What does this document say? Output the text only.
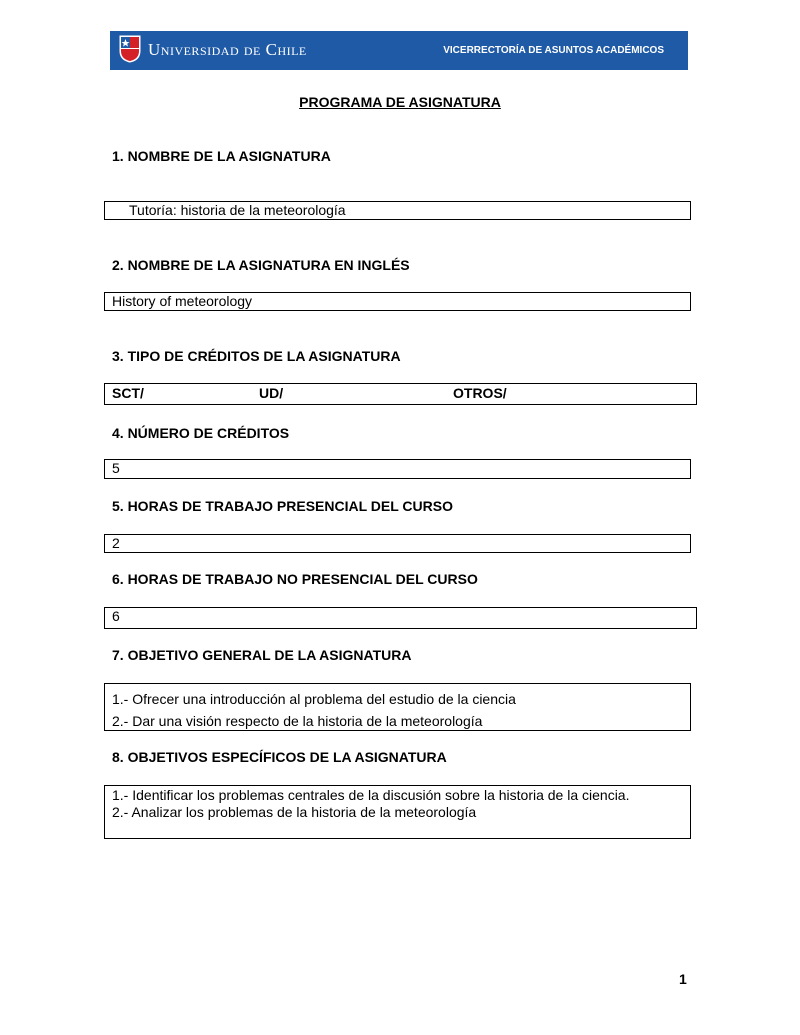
Universidad de Chile	VICERRECTORÍA DE ASUNTOS ACADÉMICOS
PROGRAMA DE ASIGNATURA
1. NOMBRE DE LA ASIGNATURA
Tutoría: historia de la meteorología
2. NOMBRE DE LA ASIGNATURA EN INGLÉS
History of meteorology
3. TIPO DE CRÉDITOS DE LA ASIGNATURA
SCT/	UD/	OTROS/
4. NÚMERO DE CRÉDITOS
5
5. HORAS DE TRABAJO PRESENCIAL DEL CURSO
2
6. HORAS DE TRABAJO NO PRESENCIAL DEL CURSO
6
7. OBJETIVO GENERAL DE LA ASIGNATURA
1.- Ofrecer una introducción al problema del estudio de la ciencia
2.- Dar una visión respecto de la historia de la meteorología
8. OBJETIVOS ESPECÍFICOS DE LA ASIGNATURA
1.- Identificar los problemas centrales de la discusión sobre la historia de la ciencia.
2.- Analizar los problemas de la historia de la meteorología
1
